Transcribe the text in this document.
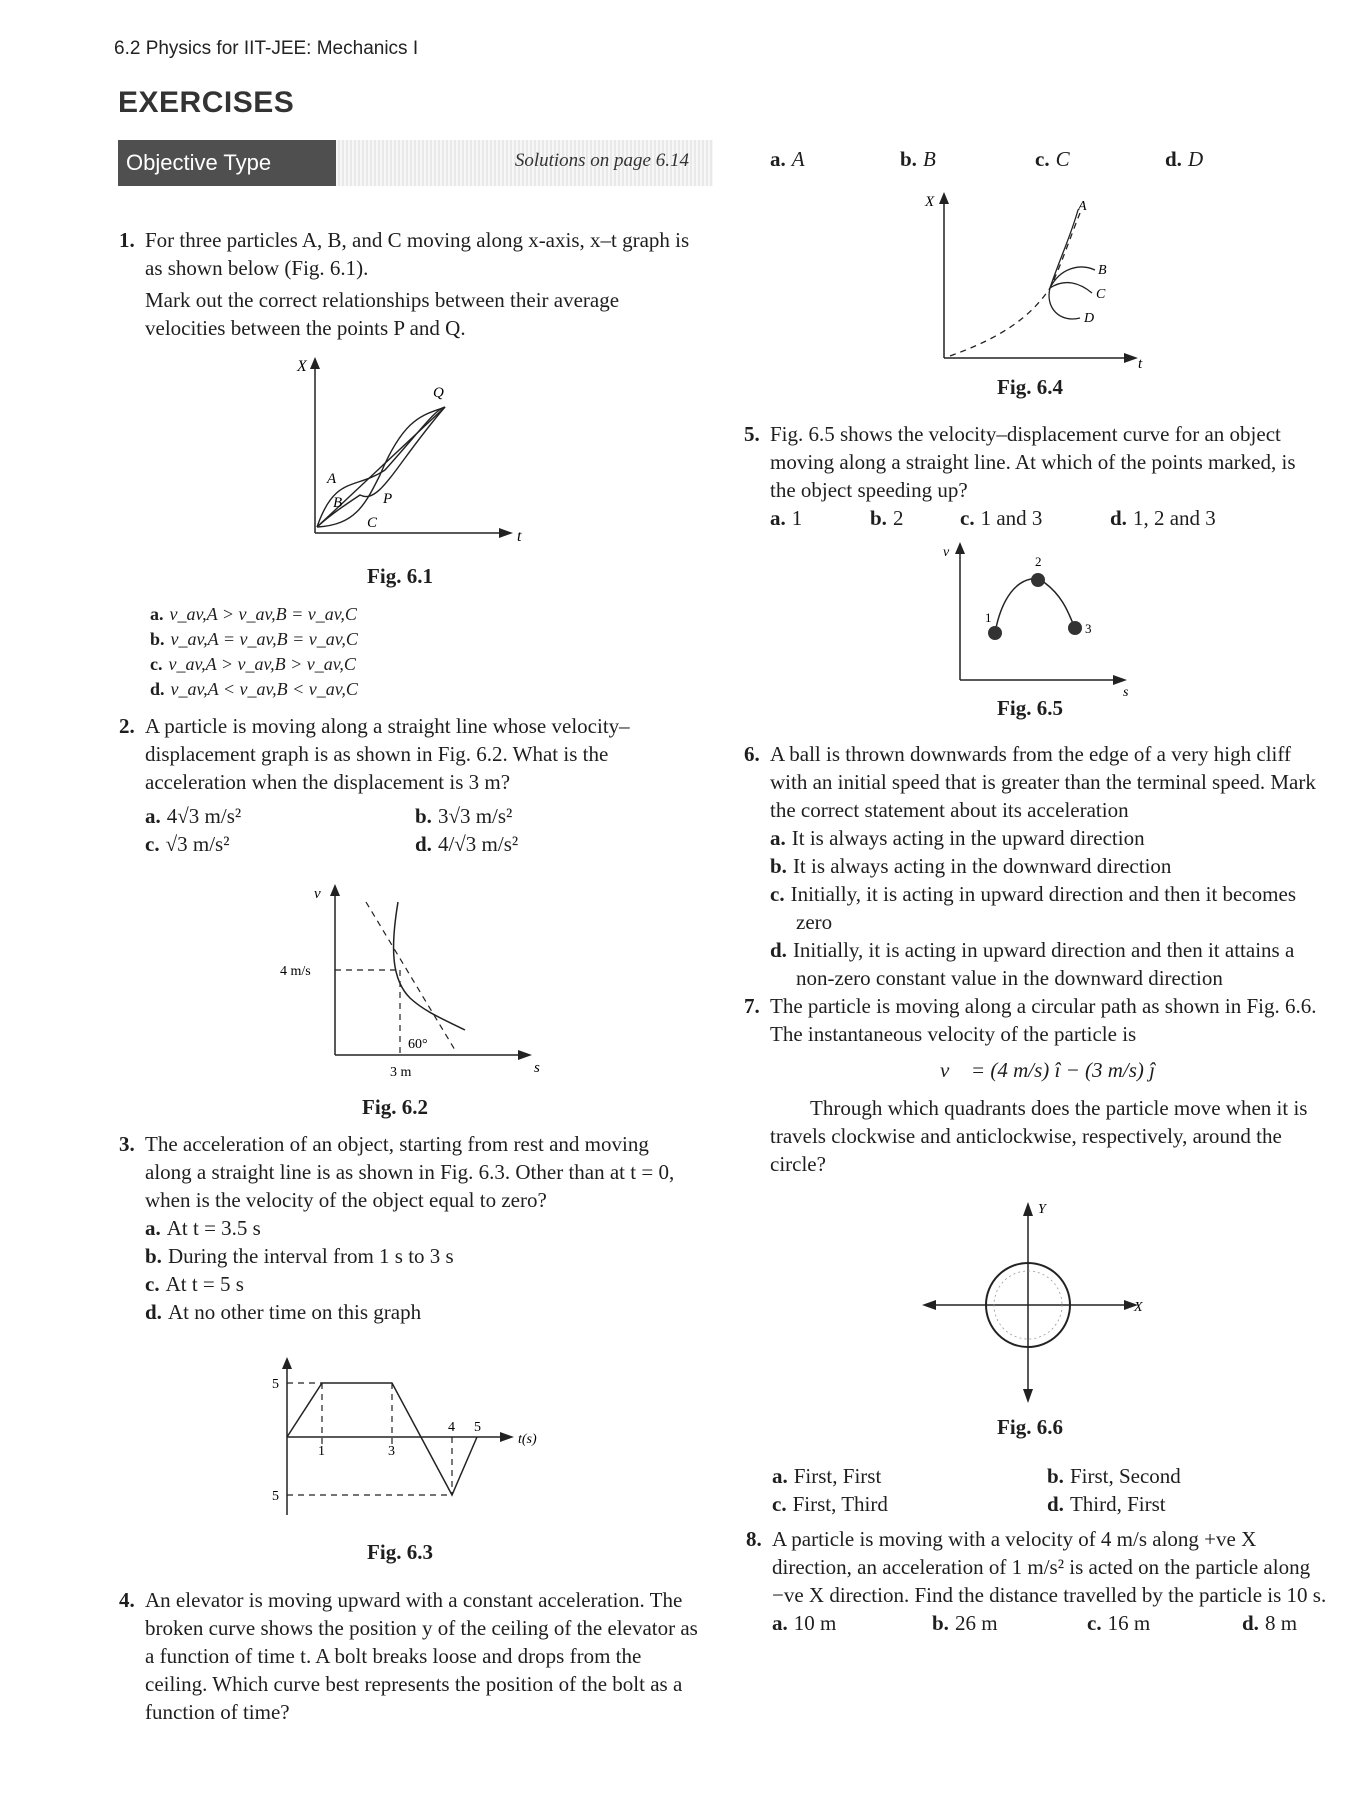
6.2 Physics for IIT-JEE: Mechanics I
EXERCISES
Objective Type	Solutions on page 6.14
1. For three particles A, B, and C moving along x-axis, x–t graph is as shown below (Fig. 6.1).
Mark out the correct relationships between their average velocities between the points P and Q.
X
t
Q
A
B	P
C
Fig. 6.1
a. v_av,A > v_av,B = v_av,C
b. v_av,A = v_av,B = v_av,C
c. v_av,A > v_av,B > v_av,C
d. v_av,A < v_av,B < v_av,C
2. A particle is moving along a straight line whose velocity–displacement graph is as shown in Fig. 6.2. What is the acceleration when the displacement is 3 m?
a. 4√3 m/s²	b. 3√3 m/s²
c. √3 m/s²	d. 4/√3 m/s²
v
s
4 m/s
3 m
60°
Fig. 6.2
3. The acceleration of an object, starting from rest and moving along a straight line is as shown in Fig. 6.3. Other than at t = 0, when is the velocity of the object equal to zero?
a. At t = 3.5 s
b. During the interval from 1 s to 3 s
c. At t = 5 s
d. At no other time on this graph
5
5
1	3
4 5
t(s)
Fig. 6.3
4. An elevator is moving upward with a constant acceleration. The broken curve shows the position y of the ceiling of the elevator as a function of time t. A bolt breaks loose and drops from the ceiling. Which curve best represents the position of the bolt as a function of time?
a. A	b. B	c. C	d. D
X
t
A
B
C
D
Fig. 6.4
5. Fig. 6.5 shows the velocity–displacement curve for an object moving along a straight line. At which of the points marked, is the object speeding up?
a. 1	b. 2	c. 1 and 3	d. 1, 2 and 3
v
s
1
2
3
Fig. 6.5
6. A ball is thrown downwards from the edge of a very high cliff with an initial speed that is greater than the terminal speed. Mark the correct statement about its acceleration
a. It is always acting in the upward direction
b. It is always acting in the downward direction
c. Initially, it is acting in upward direction and then it becomes zero
d. Initially, it is acting in upward direction and then it attains a non-zero constant value in the downward direction
7. The particle is moving along a circular path as shown in Fig. 6.6. The instantaneous velocity of the particle is
v⃗ = (4 m/s) î − (3 m/s) ĵ
Through which quadrants does the particle move when it is travels clockwise and anticlockwise, respectively, around the circle?
Y
X
Fig. 6.6
a. First, First	b. First, Second
c. First, Third	d. Third, First
8. A particle is moving with a velocity of 4 m/s along +ve X direction, an acceleration of 1 m/s² is acted on the particle along −ve X direction. Find the distance travelled by the particle is 10 s.
a. 10 m	b. 26 m	c. 16 m	d. 8 m
